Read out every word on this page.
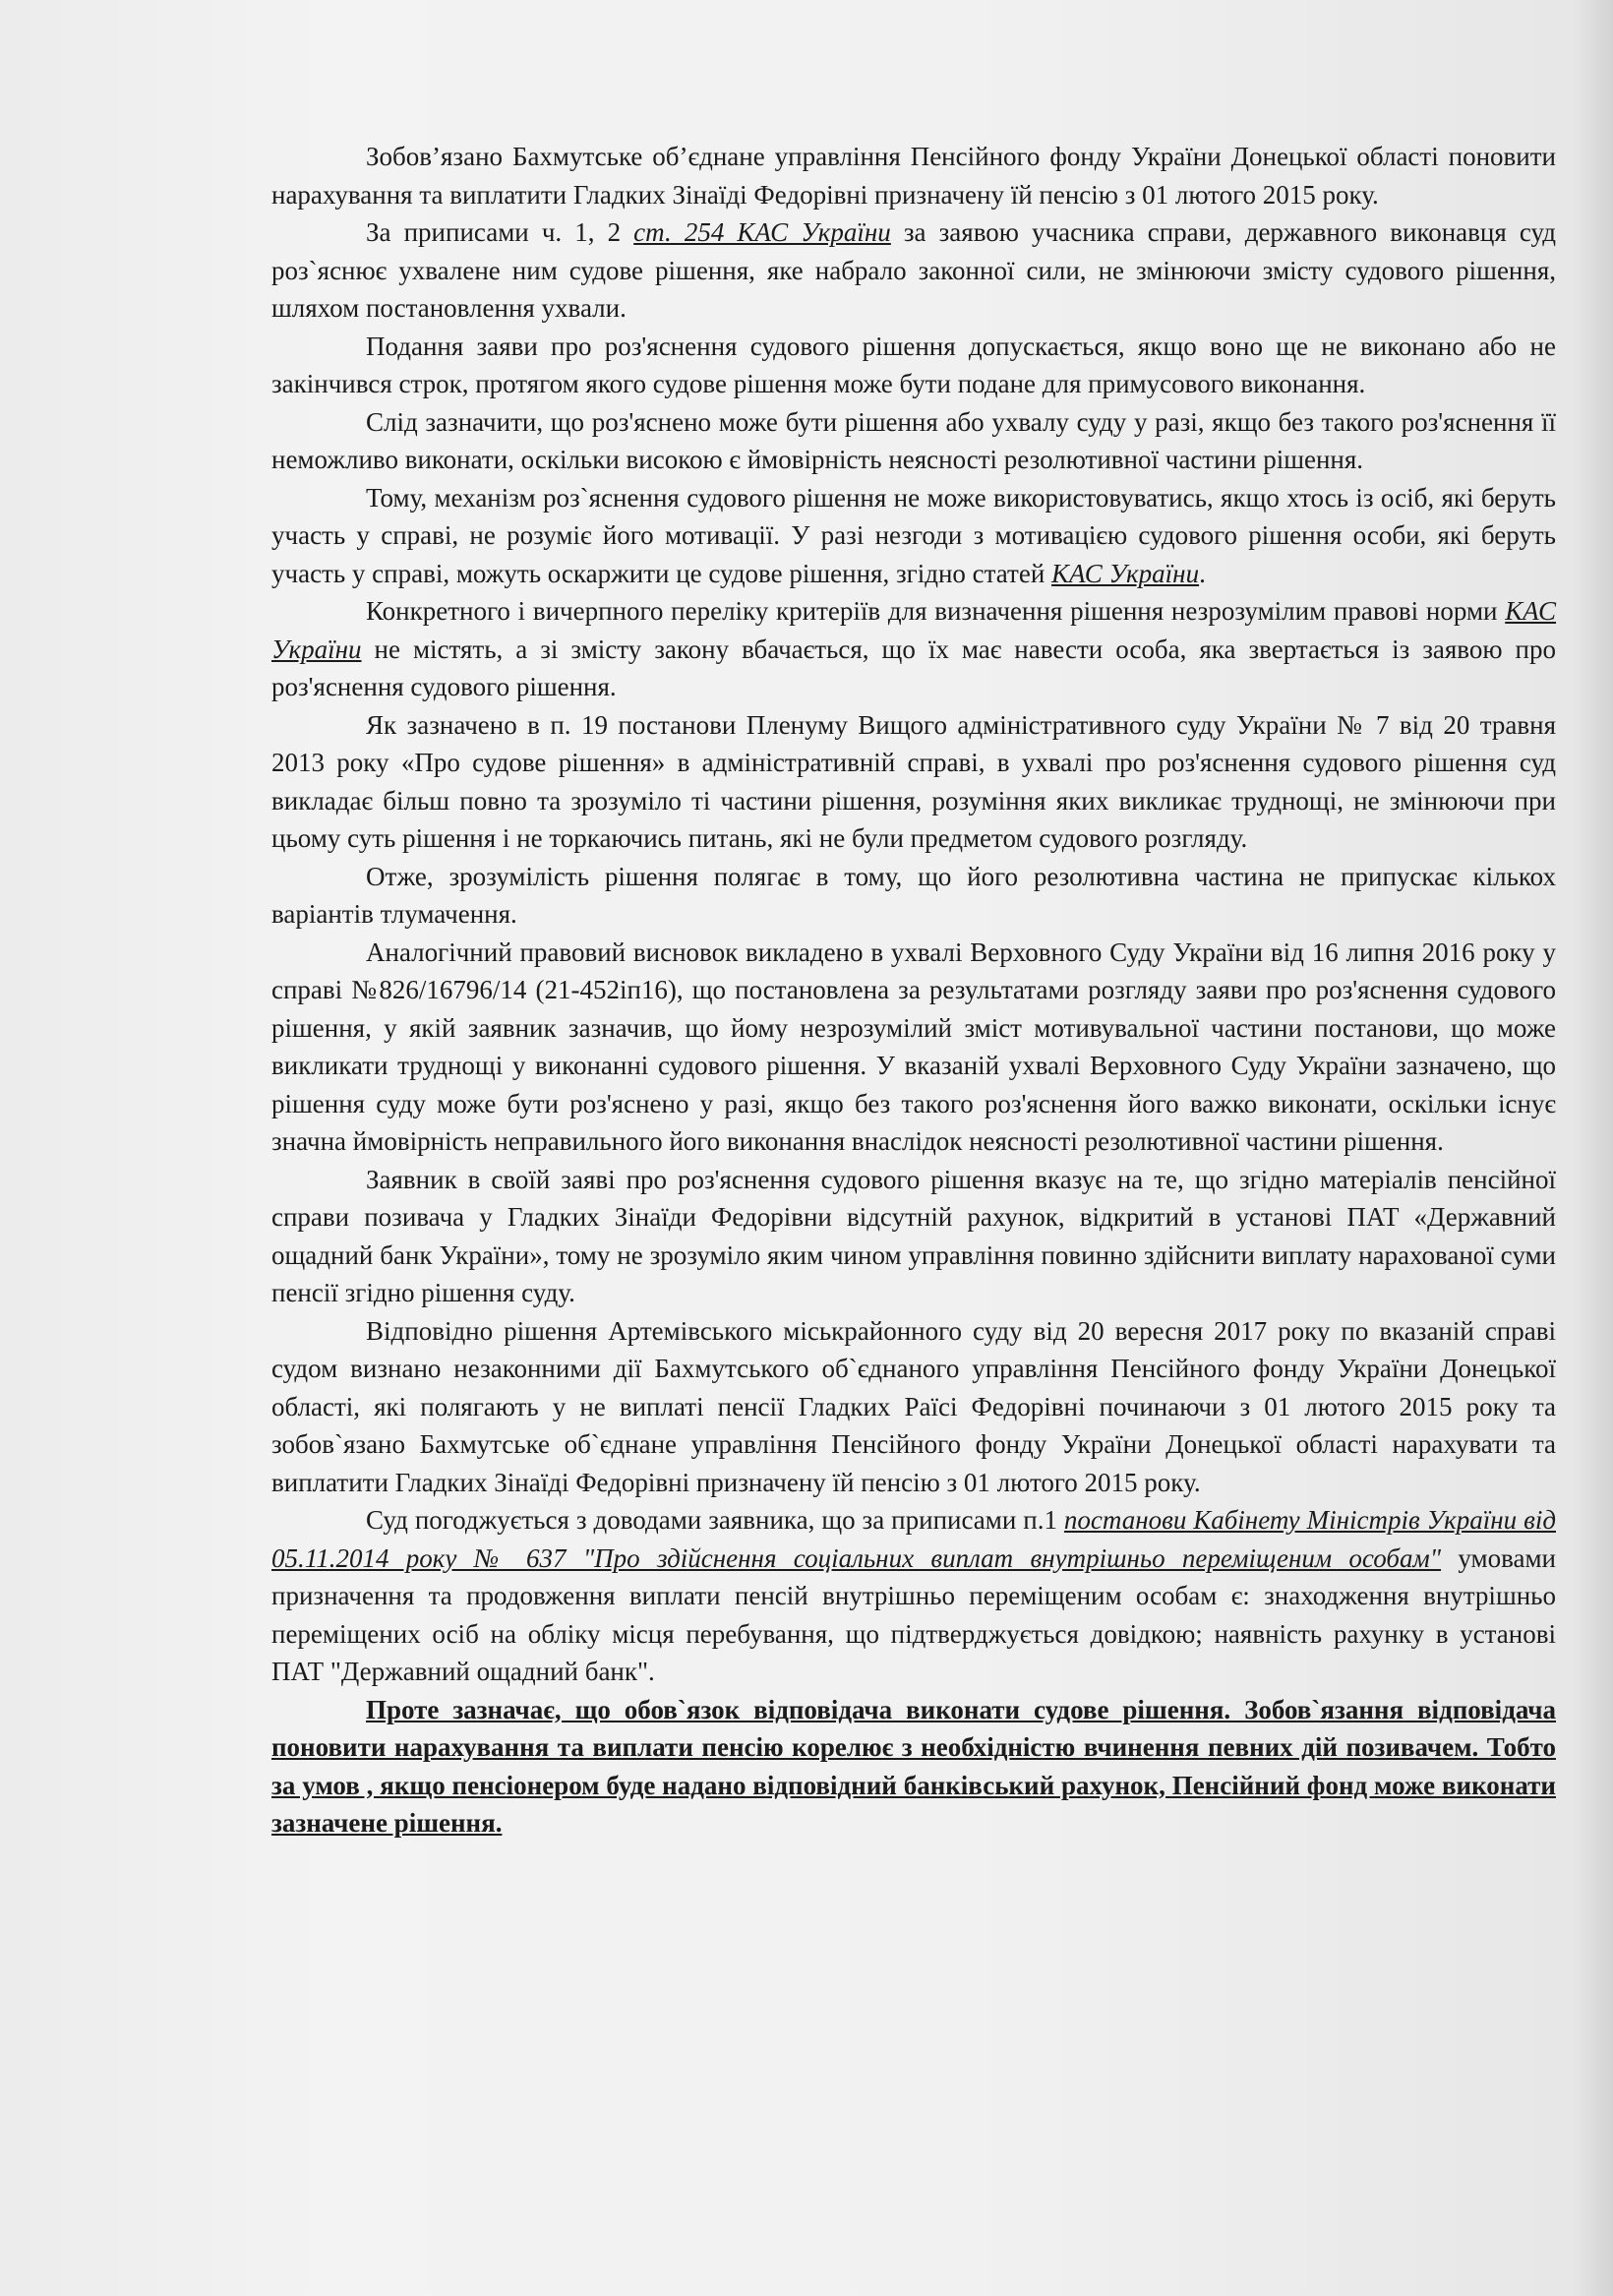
Зобов’язано Бахмутське об’єднане управління Пенсійного фонду України Донецької області поновити нарахування та виплатити Гладких Зінаїді Федорівні призначену їй пенсію з 01 лютого 2015 року.

За приписами ч. 1, 2 ст. 254 КАС України за заявою учасника справи, державного виконавця суд роз`яснює ухвалене ним судове рішення, яке набрало законної сили, не змінюючи змісту судового рішення, шляхом постановлення ухвали.

Подання заяви про роз'яснення судового рішення допускається, якщо воно ще не виконано або не закінчився строк, протягом якого судове рішення може бути подане для примусового виконання.

Слід зазначити, що роз'яснено може бути рішення або ухвалу суду у разі, якщо без такого роз'яснення її неможливо виконати, оскільки високою є ймовірність неясності резолютивної частини рішення.

Тому, механізм роз`яснення судового рішення не може використовуватись, якщо хтось із осіб, які беруть участь у справі, не розуміє його мотивації. У разі незгоди з мотивацією судового рішення особи, які беруть участь у справі, можуть оскаржити це судове рішення, згідно статей КАС України.

Конкретного і вичерпного переліку критеріїв для визначення рішення незрозумілим правові норми КАС України не містять, а зі змісту закону вбачається, що їх має навести особа, яка звертається із заявою про роз'яснення судового рішення.

Як зазначено в п. 19 постанови Пленуму Вищого адміністративного суду України № 7 від 20 травня 2013 року «Про судове рішення» в адміністративній справі, в ухвалі про роз'яснення судового рішення суд викладає більш повно та зрозуміло ті частини рішення, розуміння яких викликає труднощі, не змінюючи при цьому суть рішення і не торкаючись питань, які не були предметом судового розгляду.

Отже, зрозумілість рішення полягає в тому, що його резолютивна частина не припускає кількох варіантів тлумачення.

Аналогічний правовий висновок викладено в ухвалі Верховного Суду України від 16 липня 2016 року у справі №826/16796/14 (21-452іп16), що постановлена за результатами розгляду заяви про роз'яснення судового рішення, у якій заявник зазначив, що йому незрозумілий зміст мотивувальної частини постанови, що може викликати труднощі у виконанні судового рішення. У вказаній ухвалі Верховного Суду України зазначено, що рішення суду може бути роз'яснено у разі, якщо без такого роз'яснення його важко виконати, оскільки існує значна ймовірність неправильного його виконання внаслідок неясності резолютивної частини рішення.

Заявник в своїй заяві про роз'яснення судового рішення вказує на те, що згідно матеріалів пенсійної справи позивача у Гладких Зінаїди Федорівни відсутній рахунок, відкритий в установі ПАТ «Державний ощадний банк України», тому не зрозуміло яким чином управління повинно здійснити виплату нарахованої суми пенсії згідно рішення суду.

Відповідно рішення Артемівського міськрайонного суду від 20 вересня 2017 року по вказаній справі судом визнано незаконними дії Бахмутського об`єднаного управління Пенсійного фонду України Донецької області, які полягають у не виплаті пенсії Гладких Раїсі Федорівні починаючи з 01 лютого 2015 року та зобов`язано Бахмутське об`єднане управління Пенсійного фонду України Донецької області нарахувати та виплатити Гладких Зінаїді Федорівні призначену їй пенсію з 01 лютого 2015 року.

Суд погоджується з доводами заявника, що за приписами п.1 постанови Кабінету Міністрів України від 05.11.2014 року № 637 "Про здійснення соціальних виплат внутрішньо переміщеним особам" умовами призначення та продовження виплати пенсій внутрішньо переміщеним особам є: знаходження внутрішньо переміщених осіб на обліку місця перебування, що підтверджується довідкою; наявність рахунку в установі ПАТ "Державний ощадний банк".

Проте зазначає, що обов`язок відповідача виконати судове рішення. Зобов`язання відповідача поновити нарахування та виплати пенсію корелює з необхідністю вчинення певних дій позивачем. Тобто за умов , якщо пенсіонером буде надано відповідний банківський рахунок, Пенсійний фонд може виконати зазначене рішення.
